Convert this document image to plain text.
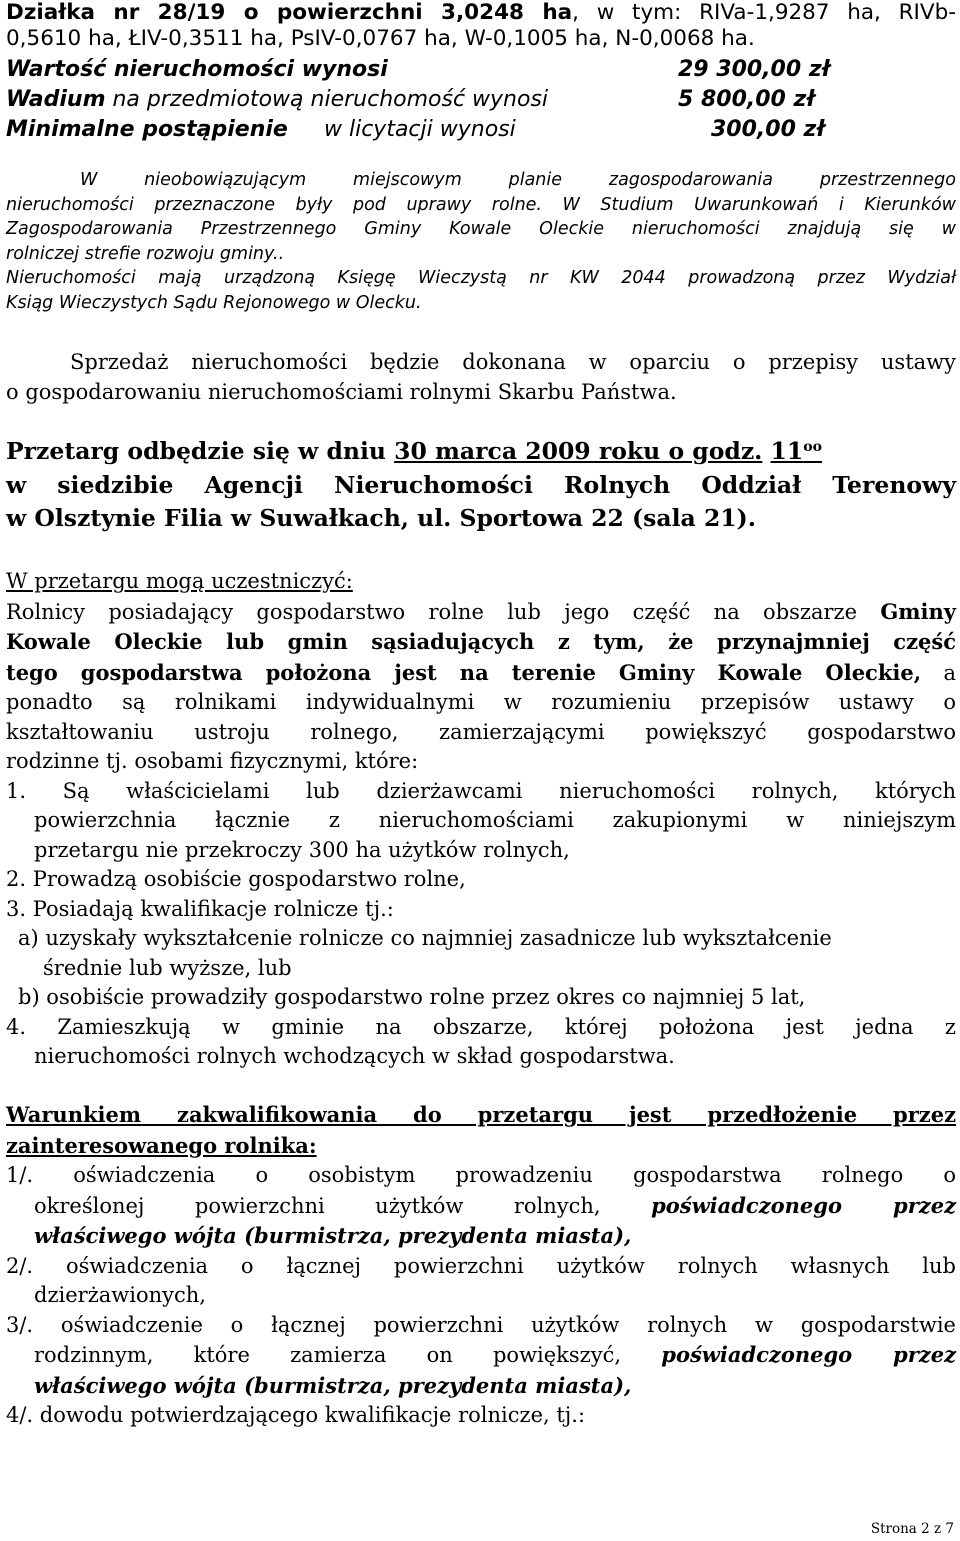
Działka nr 28/19 o powierzchni 3,0248 ha, w tym: RIVa-1,9287 ha, RIVb-
0,5610 ha, ŁIV-0,3511 ha, PsIV-0,0767 ha, W-0,1005 ha, N-0,0068 ha.
Wartość nieruchomości wynosi	29 300,00 zł
Wadium na przedmiotową nieruchomość wynosi	5 800,00 zł
Minimalne postąpienie w licytacji wynosi	300,00 zł
W nieobowiązującym miejscowym planie zagospodarowania przestrzennego
nieruchomości przeznaczone były pod uprawy rolne. W Studium Uwarunkowań i Kierunków
Zagospodarowania Przestrzennego Gminy Kowale Oleckie nieruchomości znajdują się w
rolniczej strefie rozwoju gminy..
Nieruchomości mają urządzoną Księgę Wieczystą nr KW 2044 prowadzoną przez Wydział
Ksiąg Wieczystych Sądu Rejonowego w Olecku.
Sprzedaż nieruchomości będzie dokonana w oparciu o przepisy ustawy
o gospodarowaniu nieruchomościami rolnymi Skarbu Państwa.
Przetarg odbędzie się w dniu 30 marca 2009 roku o godz. $11^{oo}$
w siedzibie Agencji Nieruchomości Rolnych Oddział Terenowy
w Olsztynie Filia w Suwałkach, ul. Sportowa 22 (sala 21).
W przetargu mogą uczestniczyć:
Rolnicy posiadający gospodarstwo rolne lub jego część na obszarze Gminy
Kowale Oleckie lub gmin sąsiadujących z tym, że przynajmniej część
tego gospodarstwa położona jest na terenie Gminy Kowale Oleckie, a
ponadto są rolnikami indywidualnymi w rozumieniu przepisów ustawy o
kształtowaniu ustroju rolnego, zamierzającymi powiększyć gospodarstwo
rodzinne tj. osobami fizycznymi, które:
1. Są właścicielami lub dzierżawcami nieruchomości rolnych, których
powierzchnia łącznie z nieruchomościami zakupionymi w niniejszym
przetargu nie przekroczy 300 ha użytków rolnych,
2. Prowadzą osobiście gospodarstwo rolne,
3. Posiadają kwalifikacje rolnicze tj.:
a) uzyskały wykształcenie rolnicze co najmniej zasadnicze lub wykształcenie
średnie lub wyższe, lub
b) osobiście prowadziły gospodarstwo rolne przez okres co najmniej 5 lat,
4. Zamieszkują w gminie na obszarze, której położona jest jedna z
nieruchomości rolnych wchodzących w skład gospodarstwa.
Warunkiem zakwalifikowania do przetargu jest przedłożenie przez
zainteresowanego rolnika:
1/. oświadczenia o osobistym prowadzeniu gospodarstwa rolnego o
określonej powierzchni użytków rolnych, poświadczonego przez
właściwego wójta (burmistrza, prezydenta miasta),
2/. oświadczenia o łącznej powierzchni użytków rolnych własnych lub
dzierżawionych,
3/. oświadczenie o łącznej powierzchni użytków rolnych w gospodarstwie
rodzinnym, które zamierza on powiększyć, poświadczonego przez
właściwego wójta (burmistrza, prezydenta miasta),
4/. dowodu potwierdzającego kwalifikacje rolnicze, tj.:
Strona 2 z 7
